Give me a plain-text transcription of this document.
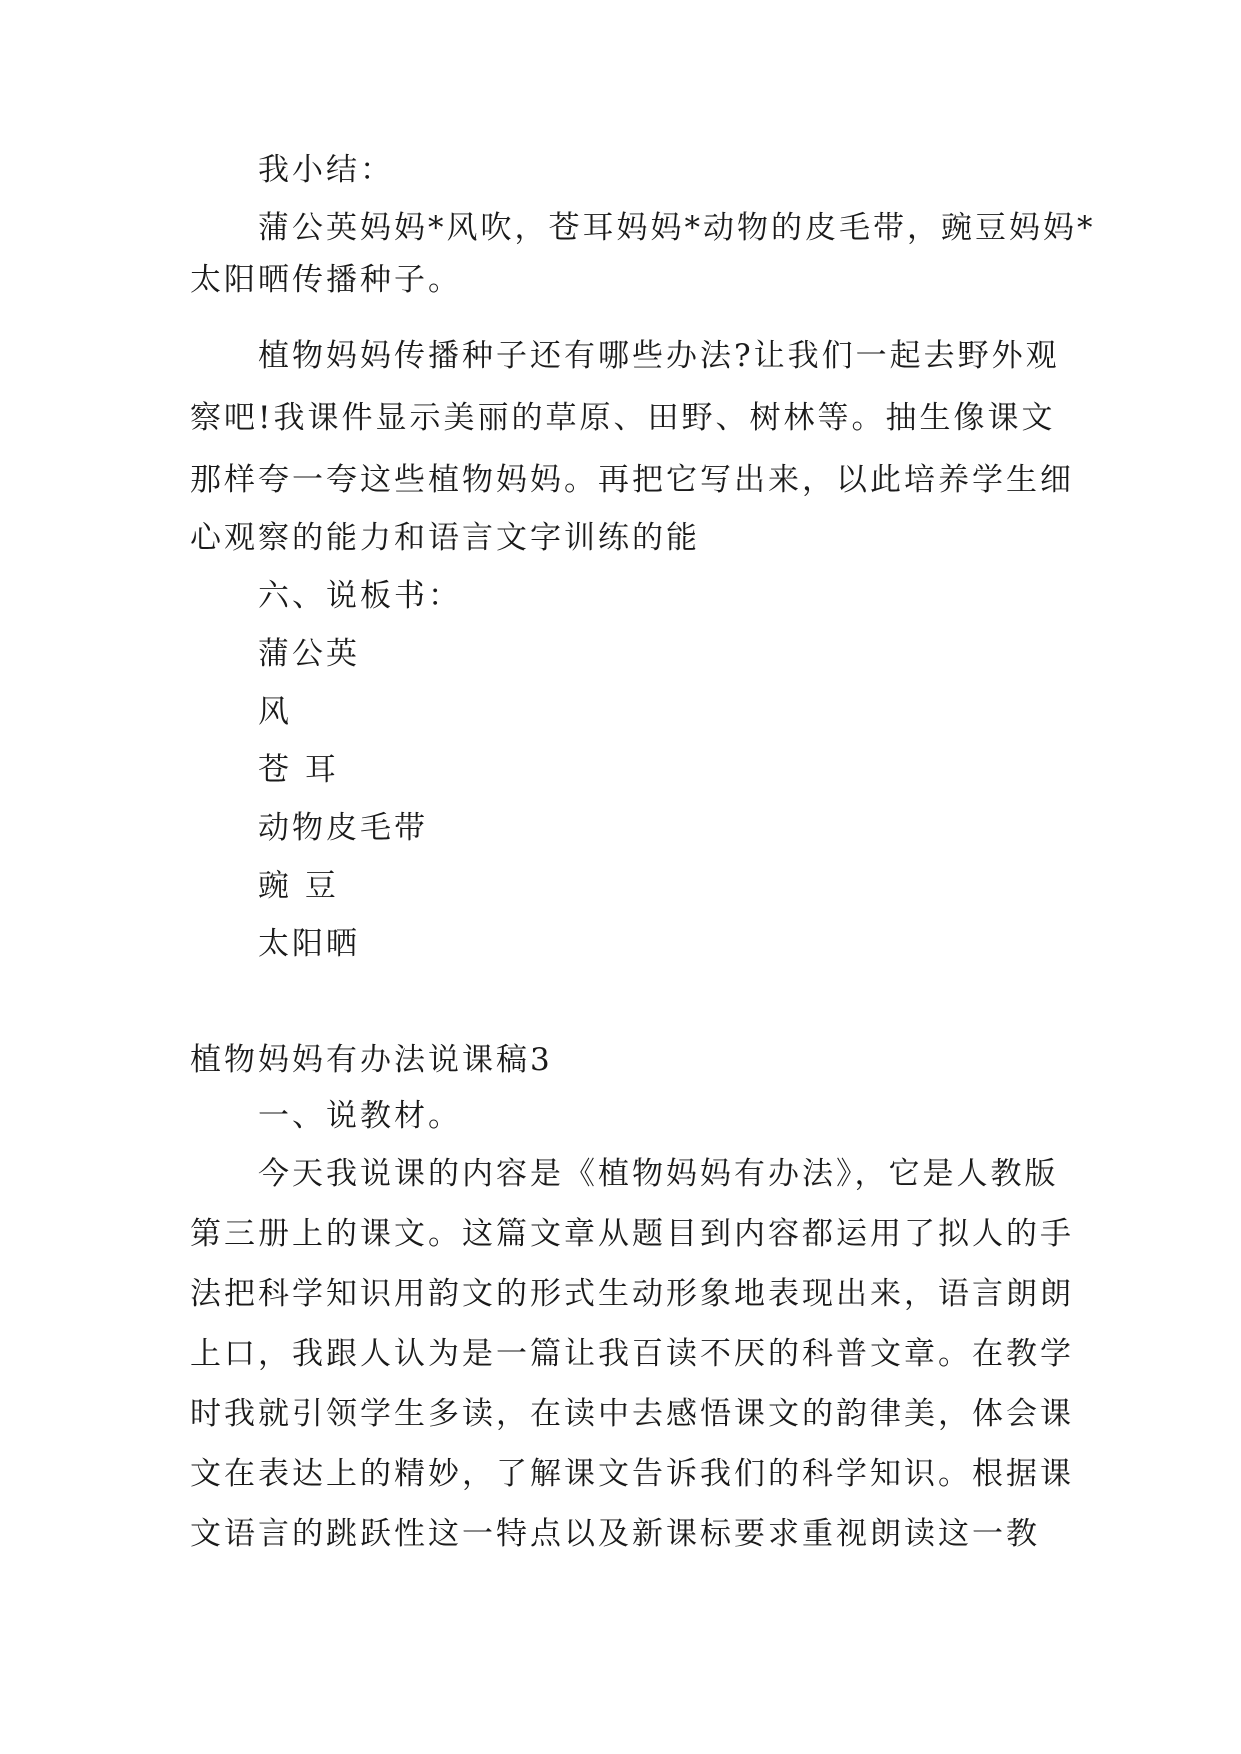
我小结：
蒲公英妈妈*风吹，苍耳妈妈*动物的皮毛带，豌豆妈妈*
太阳晒传播种子。
植物妈妈传播种子还有哪些办法?让我们一起去野外观
察吧!我课件显示美丽的草原、田野、树林等。抽生像课文
那样夸一夸这些植物妈妈。再把它写出来，以此培养学生细
心观察的能力和语言文字训练的能
六、说板书：
蒲公英
风
苍 耳
动物皮毛带
豌 豆
太阳晒
植物妈妈有办法说课稿3
一、说教材。
今天我说课的内容是《植物妈妈有办法》，它是人教版
第三册上的课文。这篇文章从题目到内容都运用了拟人的手
法把科学知识用韵文的形式生动形象地表现出来，语言朗朗
上口，我跟人认为是一篇让我百读不厌的科普文章。在教学
时我就引领学生多读，在读中去感悟课文的韵律美，体会课
文在表达上的精妙，了解课文告诉我们的科学知识。根据课
文语言的跳跃性这一特点以及新课标要求重视朗读这一教
